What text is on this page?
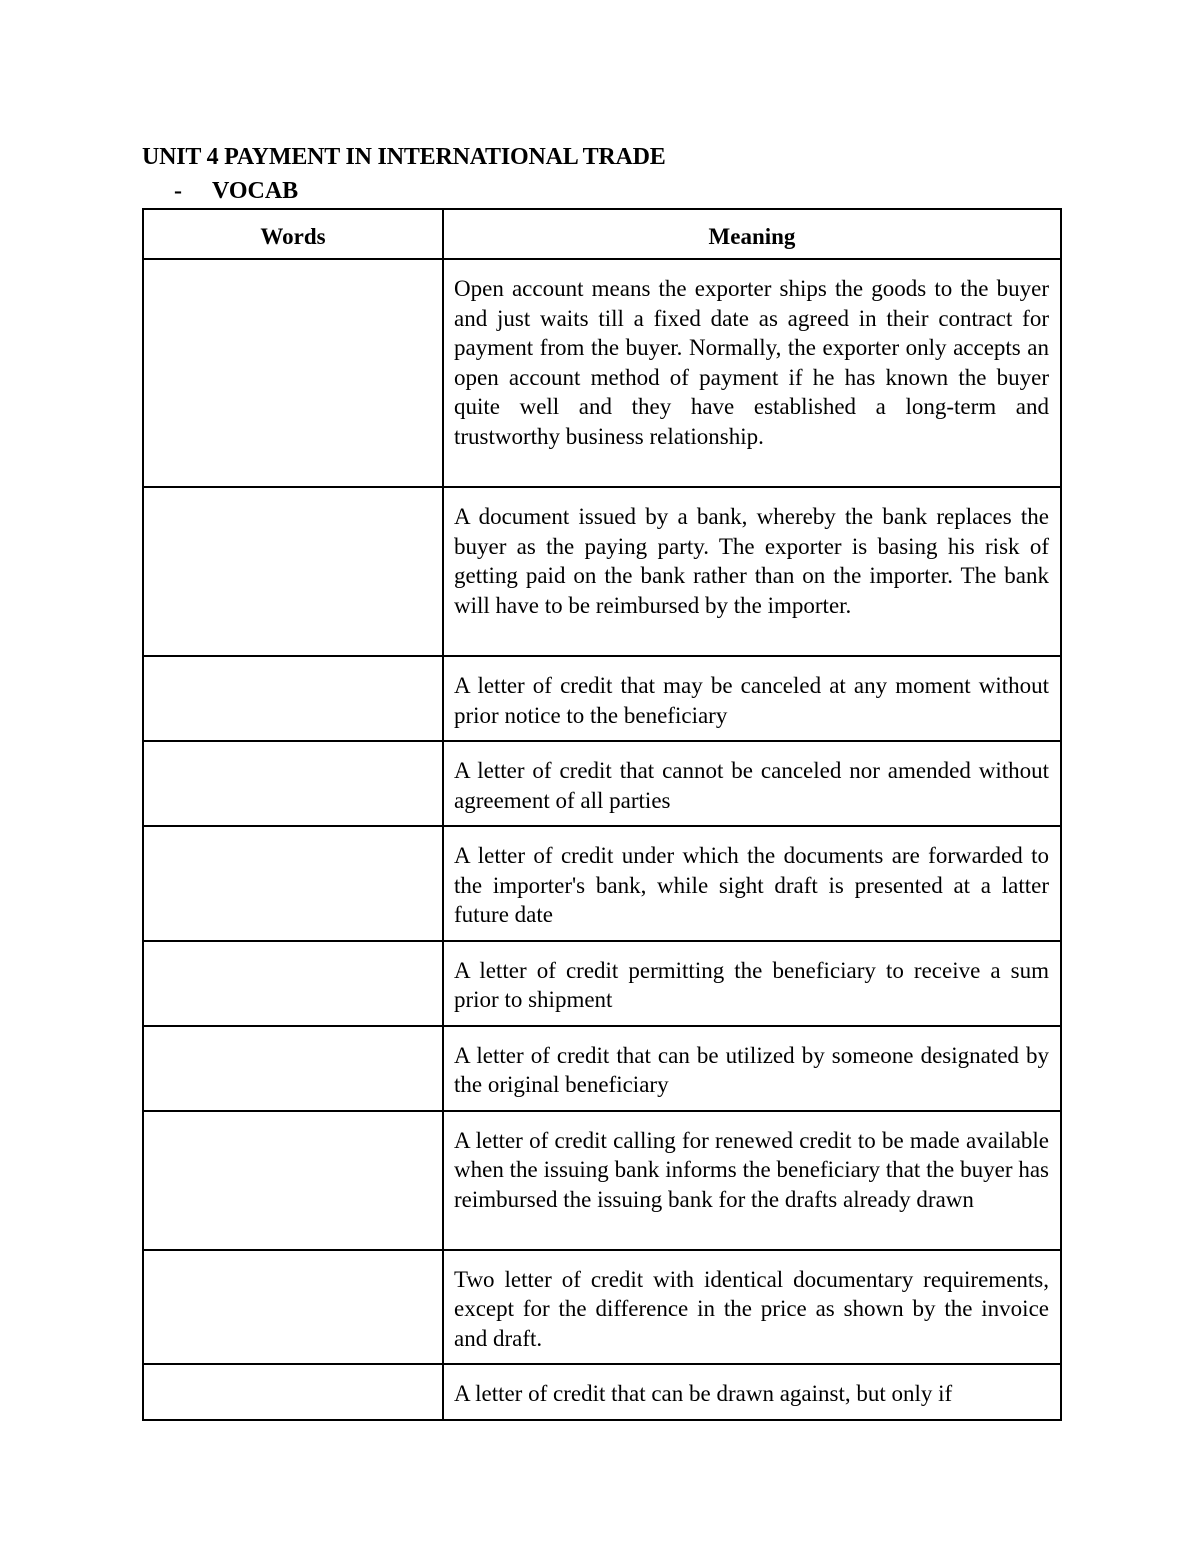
UNIT 4 PAYMENT IN INTERNATIONAL TRADE
- VOCAB
Words	Meaning
	Open account means the exporter ships the goods to the buyer and just waits till a fixed date as agreed in their contract for payment from the buyer. Normally, the exporter only accepts an open account method of payment if he has known the buyer quite well and they have established a long-term and trustworthy business relationship.
	A document issued by a bank, whereby the bank replaces the buyer as the paying party. The exporter is basing his risk of getting paid on the bank rather than on the importer. The bank will have to be reimbursed by the importer.
	A letter of credit that may be canceled at any moment without prior notice to the beneficiary
	A letter of credit that cannot be canceled nor amended without agreement of all parties
	A letter of credit under which the documents are forwarded to the importer's bank, while sight draft is presented at a latter future date
	A letter of credit permitting the beneficiary to receive a sum prior to shipment
	A letter of credit that can be utilized by someone designated by the original beneficiary
	A letter of credit calling for renewed credit to be made available when the issuing bank informs the beneficiary that the buyer has reimbursed the issuing bank for the drafts already drawn
	Two letter of credit with identical documentary requirements, except for the difference in the price as shown by the invoice and draft.
	A letter of credit that can be drawn against, but only if
